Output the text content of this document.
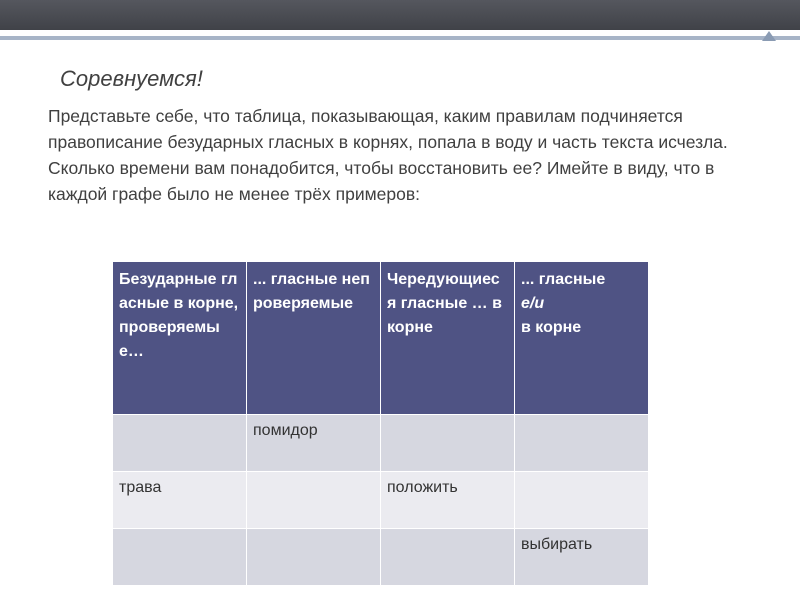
Соревнуемся!

Представьте себе, что таблица, показывающая, каким правилам подчиняется правописание безударных гласных в корнях, попала в воду и часть текста исчезла. Сколько времени вам понадобится, чтобы восстановить ее? Имейте в виду, что в каждой графе было не менее трёх примеров:

Безударные гласные в корне, проверяемые…	... гласные непроверяемые	Чередующиеся гласные … в корне	... гласные
е/и
в корне
	помидор		
трава		положить	
			выбирать
